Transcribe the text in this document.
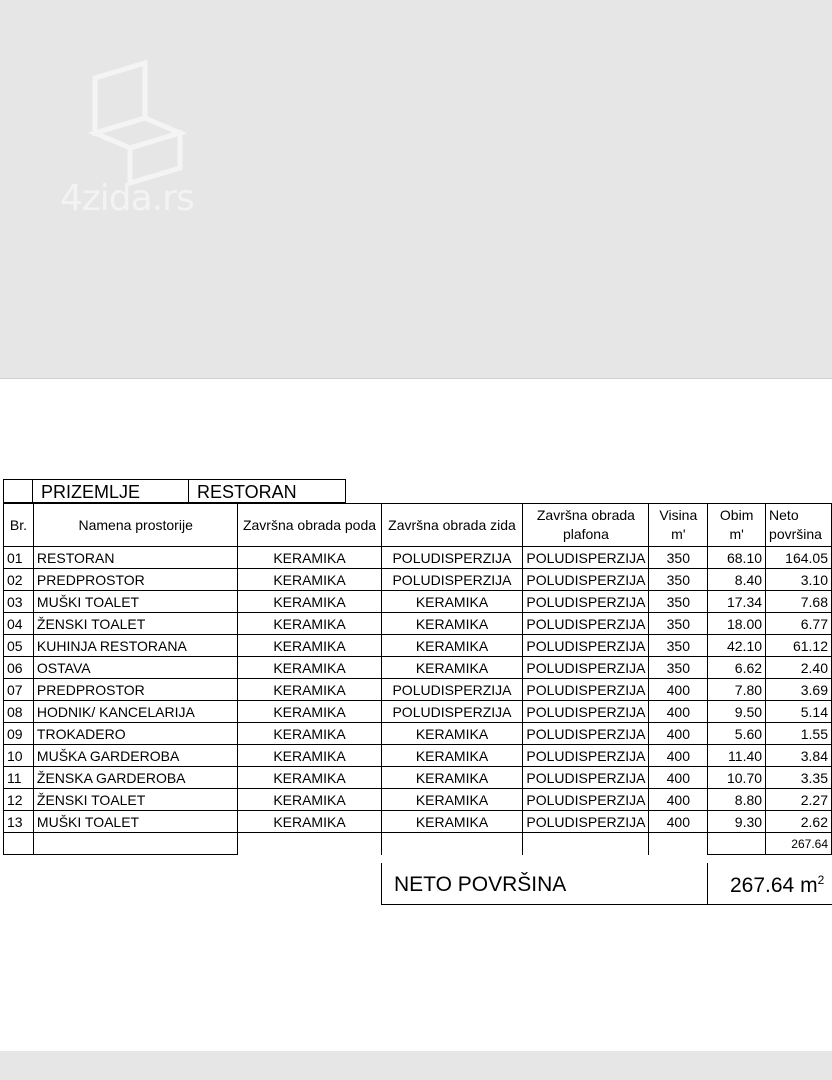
4zida.rs
PRIZEMLJE	RESTORAN
Br.	Namena prostorije	Završna obrada poda	Završna obrada zida	Završna obrada plafona	Visina m'	Obim m'	Neto površina
01	RESTORAN	KERAMIKA	POLUDISPERZIJA	POLUDISPERZIJA	350	68.10	164.05
02	PREDPROSTOR	KERAMIKA	POLUDISPERZIJA	POLUDISPERZIJA	350	8.40	3.10
03	MUŠKI TOALET	KERAMIKA	KERAMIKA	POLUDISPERZIJA	350	17.34	7.68
04	ŽENSKI TOALET	KERAMIKA	KERAMIKA	POLUDISPERZIJA	350	18.00	6.77
05	KUHINJA RESTORANA	KERAMIKA	KERAMIKA	POLUDISPERZIJA	350	42.10	61.12
06	OSTAVA	KERAMIKA	KERAMIKA	POLUDISPERZIJA	350	6.62	2.40
07	PREDPROSTOR	KERAMIKA	POLUDISPERZIJA	POLUDISPERZIJA	400	7.80	3.69
08	HODNIK/ KANCELARIJA	KERAMIKA	POLUDISPERZIJA	POLUDISPERZIJA	400	9.50	5.14
09	TROKADERO	KERAMIKA	KERAMIKA	POLUDISPERZIJA	400	5.60	1.55
10	MUŠKA GARDEROBA	KERAMIKA	KERAMIKA	POLUDISPERZIJA	400	11.40	3.84
11	ŽENSKA GARDEROBA	KERAMIKA	KERAMIKA	POLUDISPERZIJA	400	10.70	3.35
12	ŽENSKI TOALET	KERAMIKA	KERAMIKA	POLUDISPERZIJA	400	8.80	2.27
13	MUŠKI TOALET	KERAMIKA	KERAMIKA	POLUDISPERZIJA	400	9.30	2.62
							267.64
NETO POVRŠINA	267.64 $m^2$
